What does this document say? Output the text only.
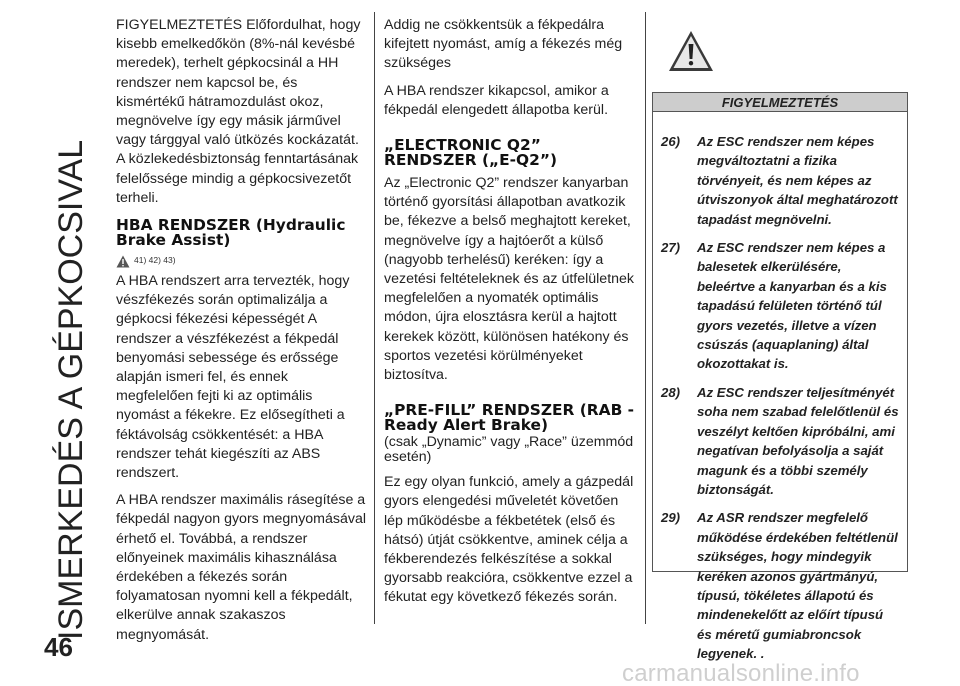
ISMERKEDÉS A GÉPKOCSIVAL
46

FIGYELMEZTETÉS Előfordulhat, hogy kisebb emelkedőkön (8%-nál kevésbé meredek), terhelt gépkocsinál a HH rendszer nem kapcsol be, és kismértékű hátramozdulást okoz, megnövelve így egy másik járművel vagy tárggyal való ütközés kockázatát. A közlekedésbiztonság fenntartásának felelőssége mindig a gépkocsivezetőt terheli.

HBA RENDSZER (Hydraulic Brake Assist)
41) 42) 43)

A HBA rendszert arra tervezték, hogy vészfékezés során optimalizálja a gépkocsi fékezési képességét A rendszer a vészfékezést a fékpedál benyomási sebessége és erőssége alapján ismeri fel, és ennek megfelelően fejti ki az optimális nyomást a fékekre. Ez elősegítheti a féktávolság csökkentését: a HBA rendszer tehát kiegészíti az ABS rendszert.

A HBA rendszer maximális rásegítése a fékpedál nagyon gyors megnyomásával érhető el. Továbbá, a rendszer előnyeinek maximális kihasználása érdekében a fékezés során folyamatosan nyomni kell a fékpedált, elkerülve annak szakaszos megnyomását.

Addig ne csökkentsük a fékpedálra kifejtett nyomást, amíg a fékezés még szükséges

A HBA rendszer kikapcsol, amikor a fékpedál elengedett állapotba kerül.

„ELECTRONIC Q2” RENDSZER („E-Q2”)

Az „Electronic Q2” rendszer kanyarban történő gyorsítási állapotban avatkozik be, fékezve a belső meghajtott kereket, megnövelve így a hajtóerőt a külső (nagyobb terhelésű) keréken: így a vezetési feltételeknek és az útfelületnek megfelelően a nyomaték optimális módon, újra elosztásra kerül a hajtott kerekek között, különösen hatékony és sportos vezetési körülményeket biztosítva.

„PRE-FILL” RENDSZER (RAB - Ready Alert Brake)

(csak „Dynamic” vagy „Race” üzemmód esetén)

Ez egy olyan funkció, amely a gázpedál gyors elengedési műveletét követően lép működésbe a fékbetétek (első és hátsó) útját csökkentve, aminek célja a fékberendezés felkészítése a sokkal gyorsabb reakcióra, csökkentve ezzel a fékutat egy következő fékezés során.

FIGYELMEZTETÉS
26)	Az ESC rendszer nem képes megváltoztatni a fizika törvényeit, és nem képes az útviszonyok által meghatározott tapadást megnövelni.
27)	Az ESC rendszer nem képes a balesetek elkerülésére, beleértve a kanyarban és a kis tapadású felületen történő túl gyors vezetés, illetve a vízen csúszás (aquaplaning) által okozottakat is.
28)	Az ESC rendszer teljesítményét soha nem szabad felelőtlenül és veszélyt keltően kipróbálni, ami negatívan befolyásolja a saját magunk és a többi személy biztonságát.
29)	Az ASR rendszer megfelelő működése érdekében feltétlenül szükséges, hogy mindegyik keréken azonos gyártmányú, típusú, tökéletes állapotú és mindenekelőtt az előírt típusú és méretű gumiabroncsok legyenek. .
carmanualsonline.info
